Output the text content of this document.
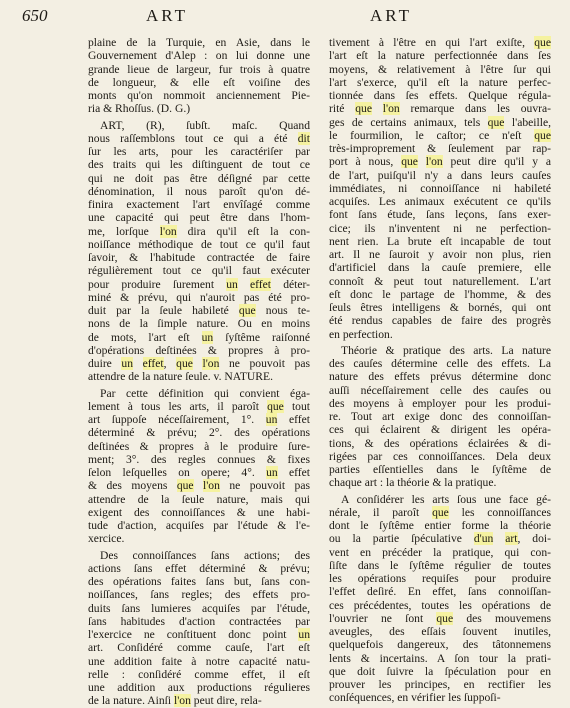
650	ART	ART
plaine de la Turquie, en Asie, dans le
Gouvernement d'Alep : on lui donne une
grande lieue de largeur, fur trois à quatre
de longueur, & elle eſt voiſine des
monts qu'on nommoit anciennement Pie-
ria & Rhoſſus. (D. G.)
ART, (R), ſubſt. maſc. Quand
nous raſſemblons tout ce qui a été dit
ſur les arts, pour les caractériſer par
des traits qui les diſtinguent de tout ce
qui ne doit pas être déſigné par cette
dénomination, il nous paroît qu'on dé-
finira exactement l'art envîſagé comme
une capacité qui peut être dans l'hom-
me, lorſque l'on dira qu'il eſt la con-
noiſſance méthodique de tout ce qu'il faut
ſavoir, & l'habitude contractée de faire
régulièrement tout ce qu'il faut exécuter
pour produire ſurement un effet déter-
miné & prévu, qui n'auroit pas été pro-
duit par la ſeule habileté que nous te-
nons de la ſimple nature. Ou en moins
de mots, l'art eſt un ſyſtême raiſonné
d'opérations deſtinées & propres à pro-
duire un effet, que l'on ne pouvoit pas
attendre de la nature ſeule. v. NATURE.
Par cette définition qui convient éga-
lement à tous les arts, il paroît que tout
art ſuppoſe néceſſairement, 1°. un effet
déterminé & prévu; 2°. des opérations
deſtinées & propres à le produire ſure-
ment; 3°. des regles connues & fixes
ſelon leſquelles on opere; 4°. un effet
& des moyens que l'on ne pouvoit pas
attendre de la ſeule nature, mais qui
exigent des connoiſſances & une habi-
tude d'action, acquiſes par l'étude & l'e-
xercice.
Des connoiſſances ſans actions; des
actions ſans effet déterminé & prévu;
des opérations faites ſans but, ſans con-
noiſſances, ſans regles; des effets pro-
duits ſans lumieres acquiſes par l'étude,
ſans habitudes d'action contractées par
l'exercice ne conſtituent donc point un
art. Conſidéré comme cauſe, l'art eſt
une addition faite à notre capacité natu-
relle : conſidéré comme effet, il eſt
une addition aux productions régulieres
de la nature. Ainſi l'on peut dire, rela-
tivement à l'être en qui l'art exiſte, que
l'art eſt la nature perfectionnée dans ſes
moyens, & relativement à l'être ſur qui
l'art s'exerce, qu'il eſt la nature perfec-
tionnée dans ſes effets. Quelque régula-
rité que l'on remarque dans les ouvra-
ges de certains animaux, tels que l'abeille,
le fourmilion, le caſtor; ce n'eſt que
très-improprement & ſeulement par rap-
port à nous, que l'on peut dire qu'il y a
de l'art, puiſqu'il n'y a dans leurs cauſes
immédiates, ni connoiſſance ni habileté
acquiſes. Les animaux exécutent ce qu'ils
font ſans étude, ſans leçons, ſans exer-
cice; ils n'inventent ni ne perfection-
nent rien. La brute eſt incapable de tout
art. Il ne ſauroit y avoir non plus, rien
d'artificiel dans la cauſe premiere, elle
connoît & peut tout naturellement. L'art
eſt donc le partage de l'homme, & des
ſeuls êtres intelligens & bornés, qui ont
été rendus capables de faire des progrès
en perfection.
Théorie & pratique des arts. La nature
des cauſes détermine celle des effets. La
nature des effets prévus détermine donc
auſſi néceſſairement celle des cauſes ou
des moyens à employer pour les produi-
re. Tout art exige donc des connoiſſan-
ces qui éclairent & dirigent les opéra-
tions, & des opérations éclairées & di-
rigées par ces connoiſſances. Dela deux
parties eſſentielles dans le ſyſtême de
chaque art : la théorie & la pratique.
A conſidérer les arts ſous une face gé-
nérale, il paroît que les connoiſſances
dont le ſyſtême entier forme la théorie
ou la partie ſpéculative d'un art, doi-
vent en précéder la pratique, qui con-
ſiſte dans le ſyſtême régulier de toutes
les opérations requiſes pour produire
l'effet deſiré. En effet, ſans connoiſſan-
ces précédentes, toutes les opérations de
l'ouvrier ne ſont que des mouvemens
aveugles, des eſſais ſouvent inutiles,
quelquefois dangereux, des tâtonnemens
lents & incertains. A ſon tour la prati-
que doit ſuivre la ſpéculation pour en
prouver les principes, en rectifier les
conſéquences, en vérifier les ſuppoſi-
